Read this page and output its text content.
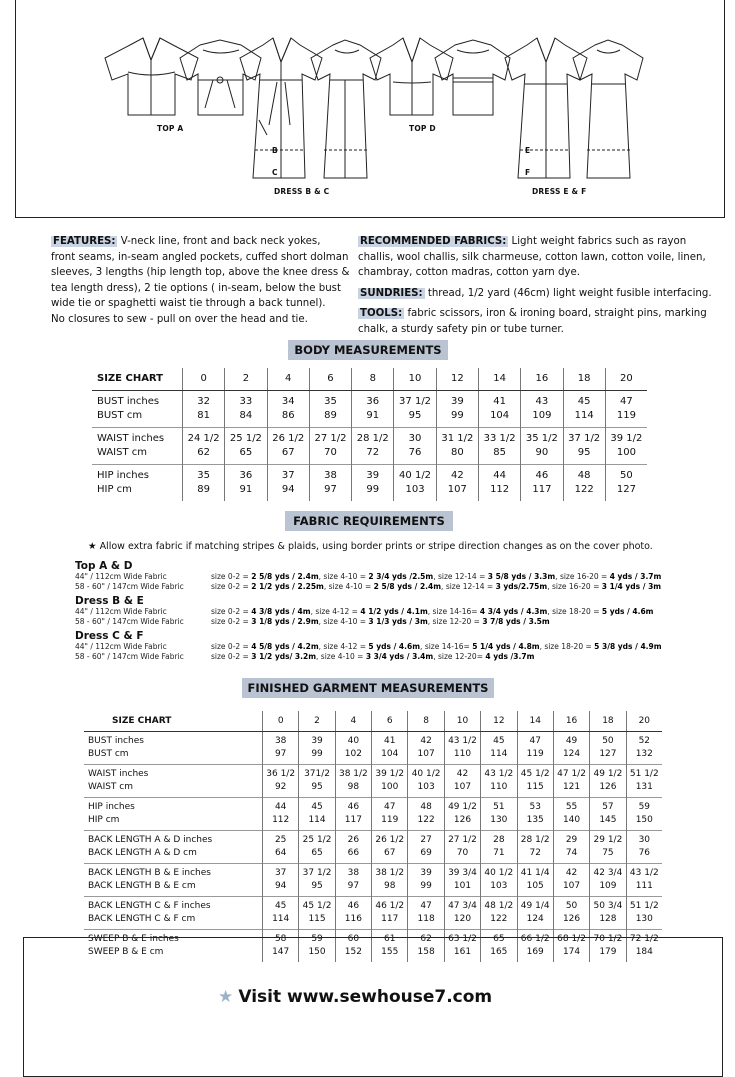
TOP A
B
C
DRESS B & C
TOP D
E
F
DRESS E & F
FEATURES: V-neck line, front and back neck yokes,
front seams, in-seam angled pockets, cuffed short dolman
sleeves, 3 lengths (hip length top, above the knee dress &
tea length dress), 2 tie options ( in-seam, below the bust
wide tie or spaghetti waist tie through a back tunnel).
No closures to sew - pull on over the head and tie.
RECOMMENDED FABRICS: Light weight fabrics such as rayon
challis, wool challis, silk charmeuse, cotton lawn, cotton voile, linen,
chambray, cotton madras, cotton yarn dye.
SUNDRIES: thread, 1/2 yard (46cm) light weight fusible interfacing.
TOOLS: fabric scissors, iron & ironing board, straight pins, marking
chalk, a sturdy safety pin or tube turner.
BODY MEASUREMENTS
SIZE CHART	0	2	4	6	8	10	12	14	16	18	20
BUST inches	32	33	34	35	36	37 1/2	39	41	43	45	47
BUST cm	81	84	86	89	91	95	99	104	109	114	119
WAIST inches	24 1/2	25 1/2	26 1/2	27 1/2	28 1/2	30	31 1/2	33 1/2	35 1/2	37 1/2	39 1/2
WAIST cm	62	65	67	70	72	76	80	85	90	95	100
HIP inches	35	36	37	38	39	40 1/2	42	44	46	48	50
HIP cm	89	91	94	97	99	103	107	112	117	122	127
FABRIC REQUIREMENTS
★ Allow extra fabric if matching stripes & plaids, using border prints or stripe direction changes as on the cover photo.
Top A & D
44" / 112cm Wide Fabric	size 0-2 = 2 5/8 yds / 2.4m, size 4-10 = 2 3/4 yds /2.5m, size 12-14 = 3 5/8 yds / 3.3m, size 16-20 = 4 yds / 3.7m
58 - 60" / 147cm Wide Fabric	size 0-2 = 2 1/2 yds / 2.25m, size 4-10 = 2 5/8 yds / 2.4m, size 12-14 = 3 yds/2.75m, size 16-20 = 3 1/4 yds / 3m
Dress B & E
44" / 112cm Wide Fabric	size 0-2 = 4 3/8 yds / 4m, size 4-12 = 4 1/2 yds / 4.1m, size 14-16= 4 3/4 yds / 4.3m, size 18-20 = 5 yds / 4.6m
58 - 60" / 147cm Wide Fabric	size 0-2 = 3 1/8 yds / 2.9m, size 4-10 = 3 1/3 yds / 3m, size 12-20 = 3 7/8 yds / 3.5m
Dress C & F
44" / 112cm Wide Fabric	size 0-2 = 4 5/8 yds / 4.2m, size 4-12 = 5 yds / 4.6m, size 14-16= 5 1/4 yds / 4.8m, size 18-20 = 5 3/8 yds / 4.9m
58 - 60" / 147cm Wide Fabric	size 0-2 = 3 1/2 yds/ 3.2m, size 4-10 = 3 3/4 yds / 3.4m, size 12-20= 4 yds /3.7m
FINISHED GARMENT MEASUREMENTS
SIZE CHART	0	2	4	6	8	10	12	14	16	18	20
BUST inches	38	39	40	41	42	43 1/2	45	47	49	50	52
BUST cm	97	99	102	104	107	110	114	119	124	127	132
WAIST inches	36 1/2	371/2	38 1/2	39 1/2	40 1/2	42	43 1/2	45 1/2	47 1/2	49 1/2	51 1/2
WAIST cm	92	95	98	100	103	107	110	115	121	126	131
HIP inches	44	45	46	47	48	49 1/2	51	53	55	57	59
HIP cm	112	114	117	119	122	126	130	135	140	145	150
BACK LENGTH A & D inches	25	25 1/2	26	26 1/2	27	27 1/2	28	28 1/2	29	29 1/2	30
BACK LENGTH A & D cm	64	65	66	67	69	70	71	72	74	75	76
BACK LENGTH B & E inches	37	37 1/2	38	38 1/2	39	39 3/4	40 1/2	41 1/4	42	42 3/4	43 1/2
BACK LENGTH B & E cm	94	95	97	98	99	101	103	105	107	109	111
BACK LENGTH C & F inches	45	45 1/2	46	46 1/2	47	47 3/4	48 1/2	49 1/4	50	50 3/4	51 1/2
BACK LENGTH C & F cm	114	115	116	117	118	120	122	124	126	128	130
SWEEP B & E inches	58	59	60	61	62	63 1/2	65	66 1/2	68 1/2	70 1/2	72 1/2
SWEEP B & E cm	147	150	152	155	158	161	165	169	174	179	184
★ Visit www.sewhouse7.com
